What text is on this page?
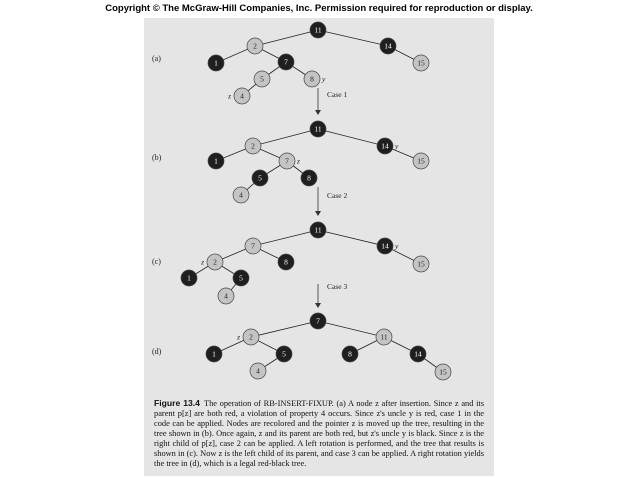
Copyright © The McGraw-Hill Companies, Inc. Permission required for reproduction or display.
11
2	14
1	7	15
5	8 y
4
z
(a)
11
2	14 y
1	7 z	15
5	8
4
(b)
11
7	14 y
2
z	8	15
1	5
4
(c)
7
2
z	11
1	5	8	14
4	15
(d)
Case 1
Case 2
Case 3
Figure 13.4 The operation of RB-INSERT-FIXUP. (a) A node z after insertion. Since z and its parent p[z] are both red, a violation of property 4 occurs. Since z's uncle y is red, case 1 in the code can be applied. Nodes are recolored and the pointer z is moved up the tree, resulting in the tree shown in (b). Once again, z and its parent are both red, but z's uncle y is black. Since z is the right child of p[z], case 2 can be applied. A left rotation is performed, and the tree that results is shown in (c). Now z is the left child of its parent, and case 3 can be applied. A right rotation yields the tree in (d), which is a legal red-black tree.
